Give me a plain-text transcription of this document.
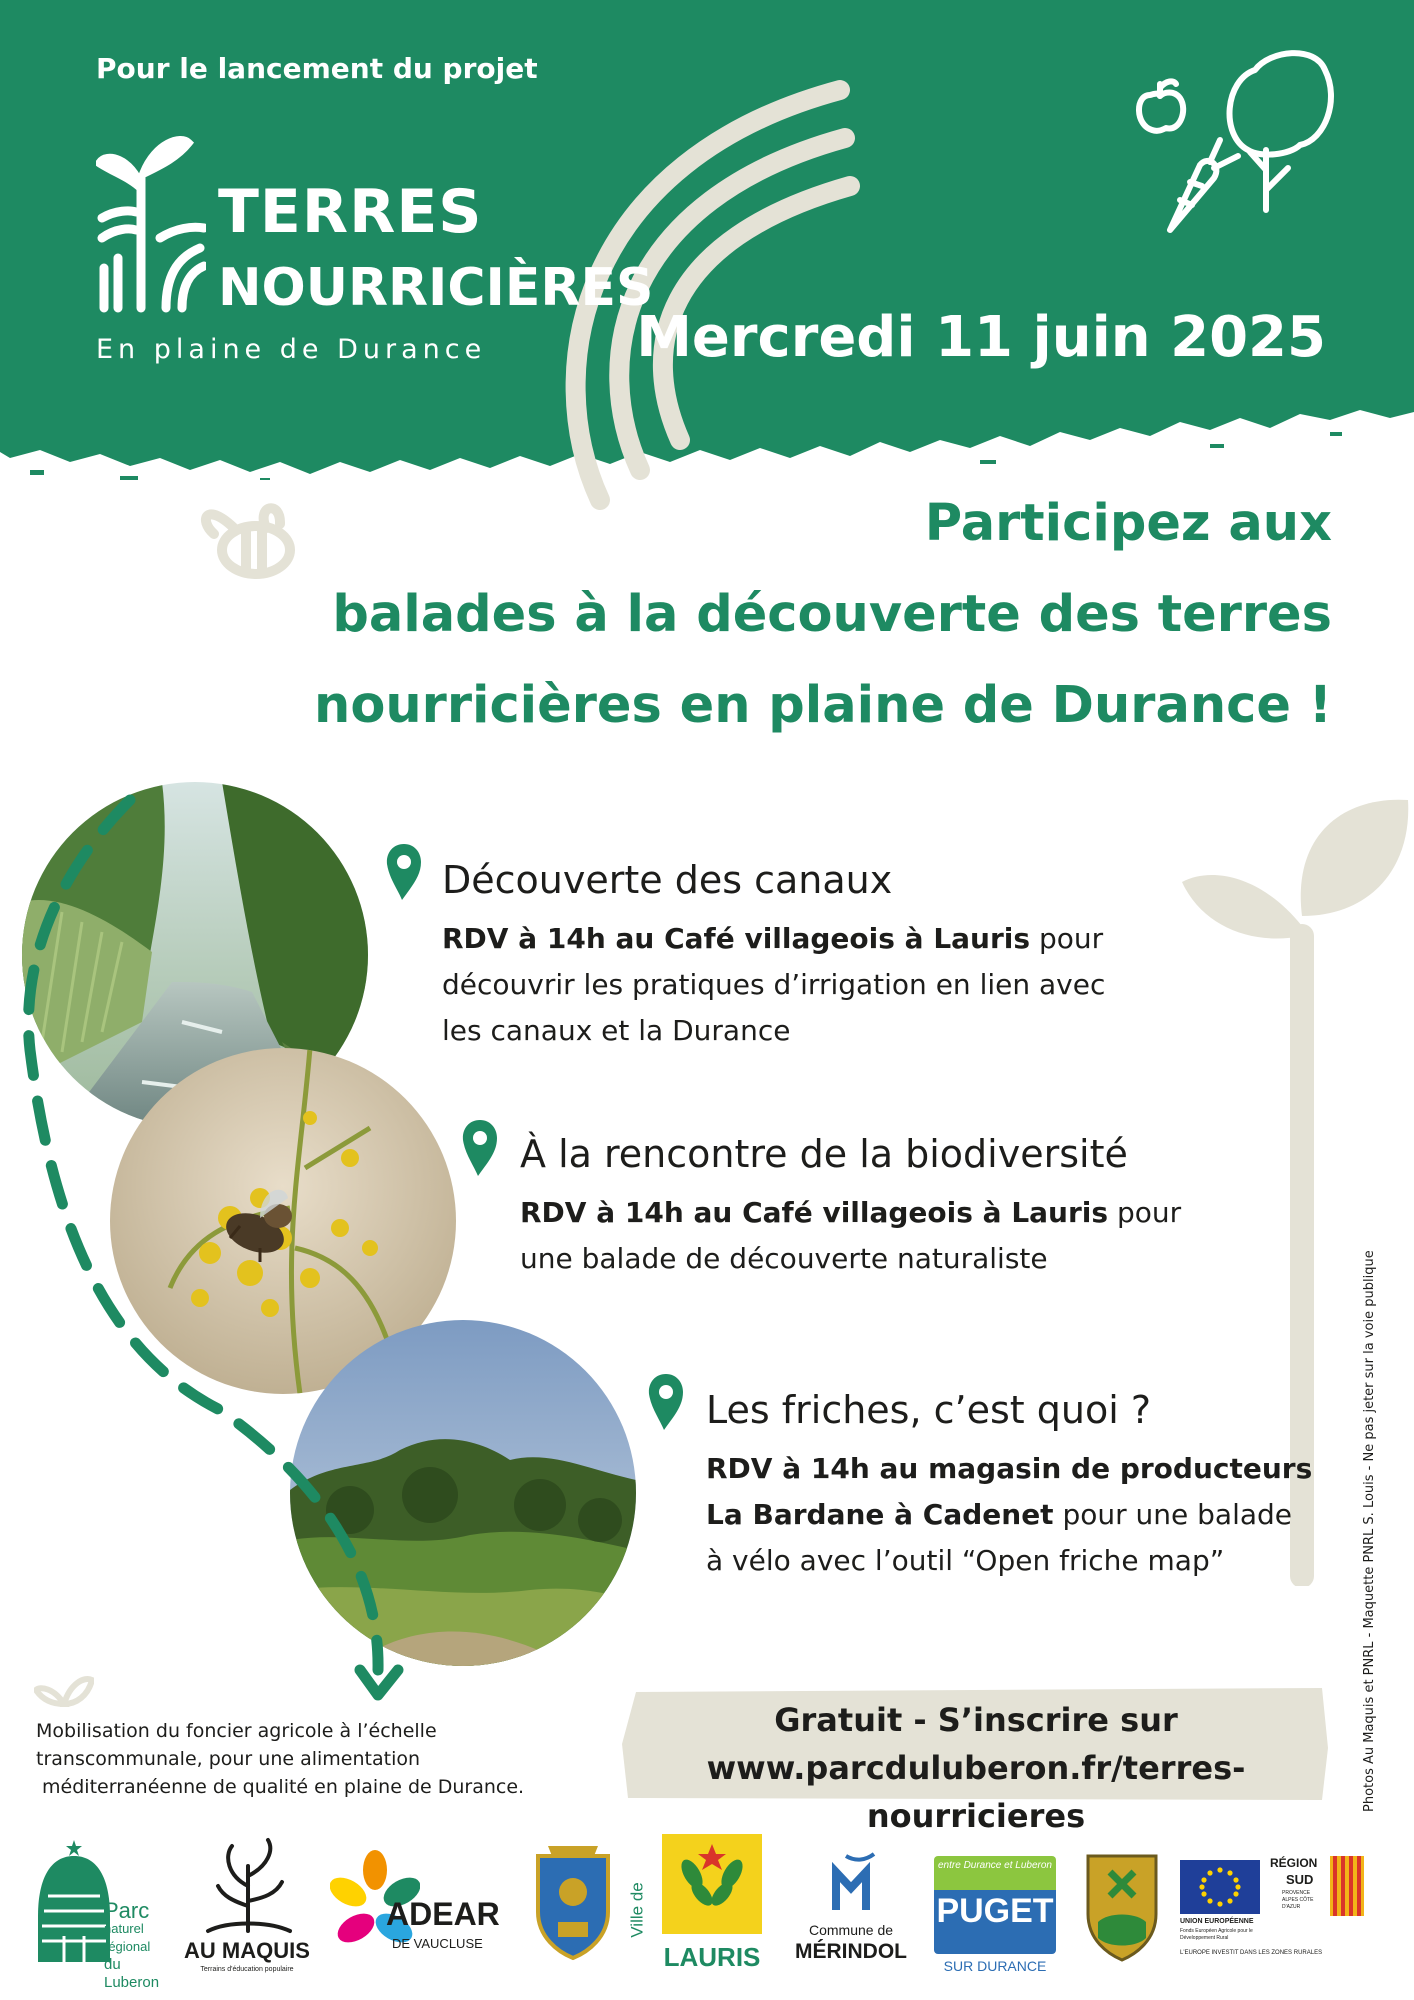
Pour le lancement du projet
TERRES
NOURRICIÈRES
En plaine de Durance	Mercredi 11 juin 2025
Participez aux
balades à la découverte des terres
nourricières en plaine de Durance !
Découverte des canaux
RDV à 14h au Café villageois à Lauris pour
découvrir les pratiques d’irrigation en lien avec
les canaux et la Durance
À la rencontre de la biodiversité
RDV à 14h au Café villageois à Lauris pour
une balade de découverte naturaliste
Les friches, c’est quoi ?
RDV à 14h au magasin de producteurs
La Bardane à Cadenet pour une balade
à vélo avec l’outil “Open friche map”
Mobilisation du foncier agricole à l’échelle
transcommunale, pour une alimentation
méditerranéenne de qualité en plaine de Durance.
Gratuit - S’inscrire sur
www.parcduluberon.fr/terres-nourricieres
Photos Au Maquis et PNRL - Maquette PNRL S. Louis - Ne pas jeter sur la voie publique
Parc
naturel
régional
du Luberon
AU MAQUIS
Terrains d'éducation populaire
ADEAR
DE VAUCLUSE
Ville de
LAURIS
Commune de
MÉRINDOL
entre Durance et Luberon
PUGET
SUR DURANCE
UNION EUROPÉENNE
Fonds Européen Agricole pour le Développement Rural
L'EUROPE INVESTIT DANS LES ZONES RURALES
RÉGION
SUD
PROVENCE ALPES CÔTE D'AZUR
